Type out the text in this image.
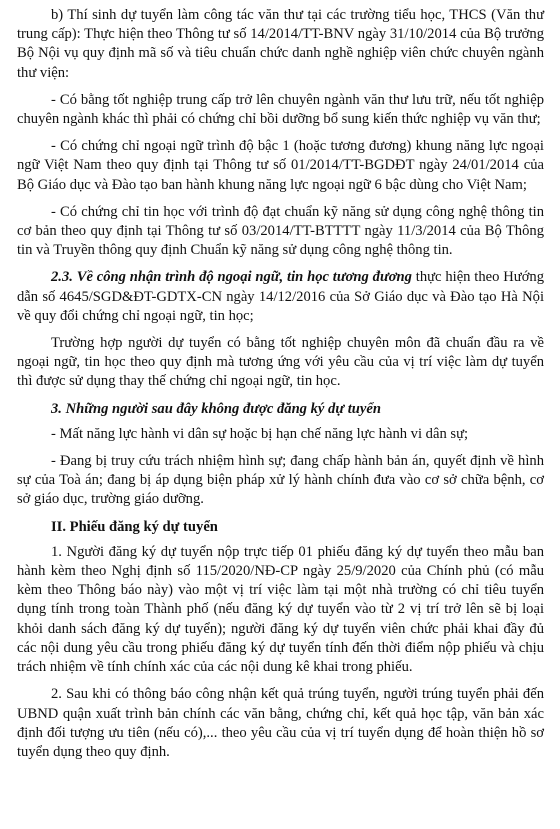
b) Thí sinh dự tuyển làm công tác văn thư tại các trường tiểu học, THCS (Văn thư trung cấp): Thực hiện theo Thông tư số 14/2014/TT-BNV ngày 31/10/2014 của Bộ trưởng Bộ Nội vụ quy định mã số và tiêu chuẩn chức danh nghề nghiệp viên chức chuyên ngành thư viện:

- Có bằng tốt nghiệp trung cấp trở lên chuyên ngành văn thư lưu trữ, nếu tốt nghiệp chuyên ngành khác thì phải có chứng chỉ bồi dưỡng bổ sung kiến thức nghiệp vụ văn thư;

- Có chứng chỉ ngoại ngữ trình độ bậc 1 (hoặc tương đương) khung năng lực ngoại ngữ Việt Nam theo quy định tại Thông tư số 01/2014/TT-BGDĐT ngày 24/01/2014 của Bộ Giáo dục và Đào tạo ban hành khung năng lực ngoại ngữ 6 bậc dùng cho Việt Nam;

- Có chứng chỉ tin học với trình độ đạt chuẩn kỹ năng sử dụng công nghệ thông tin cơ bản theo quy định tại Thông tư số 03/2014/TT-BTTTT ngày 11/3/2014 của Bộ Thông tin và Truyền thông quy định Chuẩn kỹ năng sử dụng công nghệ thông tin.

2.3. Về công nhận trình độ ngoại ngữ, tin học tương đương thực hiện theo Hướng dẫn số 4645/SGD&ĐT-GDTX-CN ngày 14/12/2016 của Sở Giáo dục và Đào tạo Hà Nội về quy đổi chứng chỉ ngoại ngữ, tin học;

Trường hợp người dự tuyển có bằng tốt nghiệp chuyên môn đã chuẩn đầu ra về ngoại ngữ, tin học theo quy định mà tương ứng với yêu cầu của vị trí việc làm dự tuyển thì được sử dụng thay thế chứng chỉ ngoại ngữ, tin học.

3. Những người sau đây không được đăng ký dự tuyển

- Mất năng lực hành vi dân sự hoặc bị hạn chế năng lực hành vi dân sự;

- Đang bị truy cứu trách nhiệm hình sự; đang chấp hành bản án, quyết định về hình sự của Toà án; đang bị áp dụng biện pháp xử lý hành chính đưa vào cơ sở chữa bệnh, cơ sở giáo dục, trường giáo dưỡng.

II. Phiếu đăng ký dự tuyển

1. Người đăng ký dự tuyển nộp trực tiếp 01 phiếu đăng ký dự tuyển theo mẫu ban hành kèm theo Nghị định số 115/2020/NĐ-CP ngày 25/9/2020 của Chính phủ (có mẫu kèm theo Thông báo này) vào một vị trí việc làm tại một nhà trường có chỉ tiêu tuyển dụng tính trong toàn Thành phố (nếu đăng ký dự tuyển vào từ 2 vị trí trở lên sẽ bị loại khỏi danh sách đăng ký dự tuyển); người đăng ký dự tuyển viên chức phải khai đầy đủ các nội dung yêu cầu trong phiếu đăng ký dự tuyển tính đến thời điểm nộp phiếu và chịu trách nhiệm về tính chính xác của các nội dung kê khai trong phiếu.

2. Sau khi có thông báo công nhận kết quả trúng tuyển, người trúng tuyển phải đến UBND quận xuất trình bản chính các văn bằng, chứng chỉ, kết quả học tập, văn bản xác định đối tượng ưu tiên (nếu có),... theo yêu cầu của vị trí tuyển dụng để hoàn thiện hồ sơ tuyển dụng theo quy định.
